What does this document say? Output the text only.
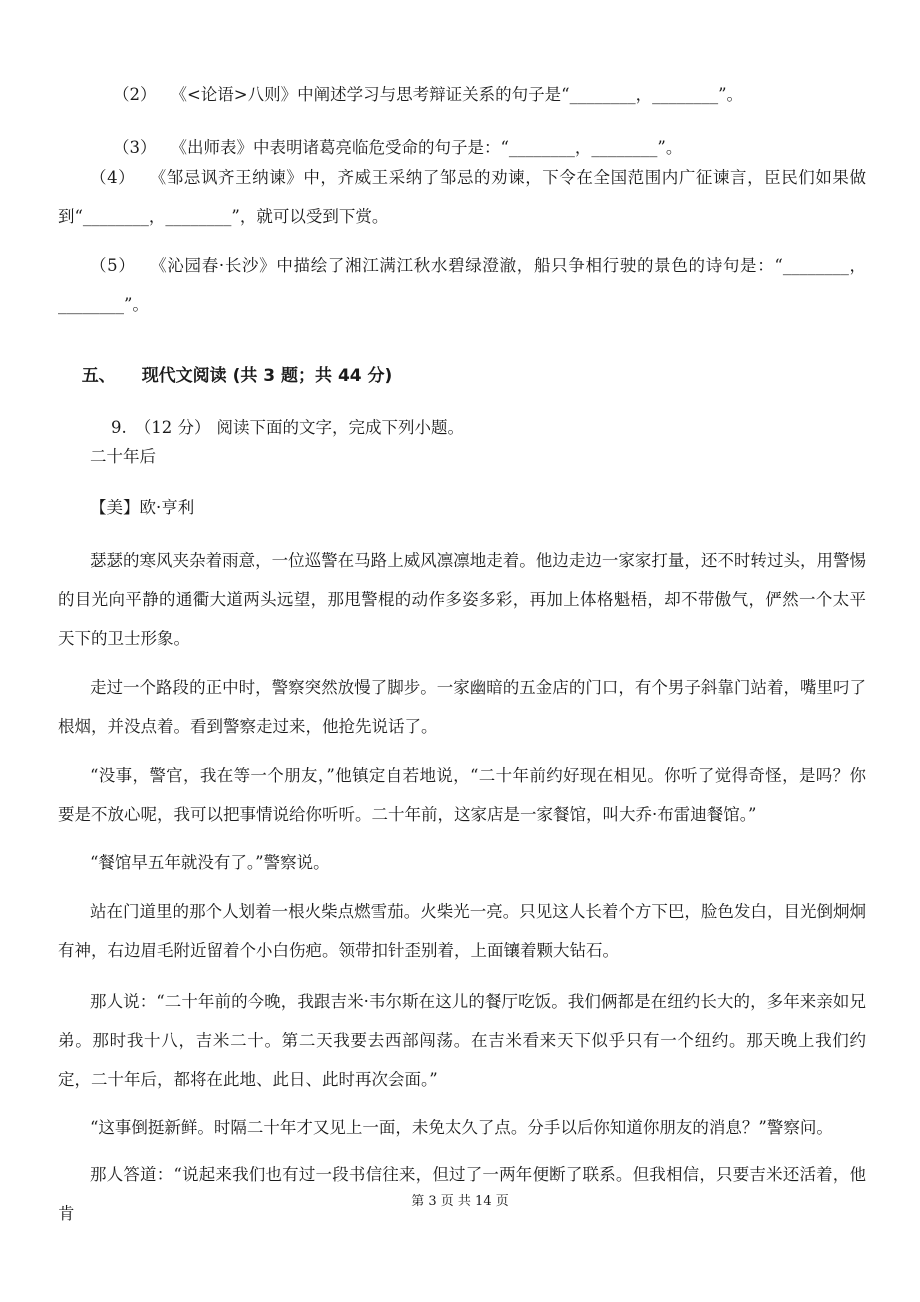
（2） 《<论语>八则》中阐述学习与思考辩证关系的句子是“________，________”。

（3） 《出师表》中表明诸葛亮临危受命的句子是：“________，________”。

（4） 《邹忌讽齐王纳谏》中，齐威王采纳了邹忌的劝谏，下令在全国范围内广征谏言，臣民们如果做到“________，________”，就可以受到下赏。
（5） 《沁园春·长沙》中描绘了湘江满江秋水碧绿澄澈，船只争相行驶的景色的诗句是：“________，________”。

五、 现代文阅读 (共 3 题；共 44 分)

9. （12 分） 阅读下面的文字，完成下列小题。

二十年后
【美】欧·亨利

瑟瑟的寒风夹杂着雨意，一位巡警在马路上威风凛凛地走着。他边走边一家家打量，还不时转过头，用警惕的目光向平静的通衢大道两头远望，那甩警棍的动作多姿多彩，再加上体格魁梧，却不带傲气，俨然一个太平天下的卫士形象。

走过一个路段的正中时，警察突然放慢了脚步。一家幽暗的五金店的门口，有个男子斜靠门站着，嘴里叼了根烟，并没点着。看到警察走过来，他抢先说话了。

“没事，警官，我在等一个朋友，”他镇定自若地说，“二十年前约好现在相见。你听了觉得奇怪，是吗？你要是不放心呢，我可以把事情说给你听听。二十年前，这家店是一家餐馆，叫大乔·布雷迪餐馆。”

“餐馆早五年就没有了。”警察说。

站在门道里的那个人划着一根火柴点燃雪茄。火柴光一亮。只见这人长着个方下巴，脸色发白，目光倒炯炯有神，右边眉毛附近留着个小白伤疤。领带扣针歪别着，上面镶着颗大钻石。

那人说：“二十年前的今晚，我跟吉米·韦尔斯在这儿的餐厅吃饭。我们俩都是在纽约长大的，多年来亲如兄弟。那时我十八，吉米二十。第二天我要去西部闯荡。在吉米看来天下似乎只有一个纽约。那天晚上我们约定，二十年后，都将在此地、此日、此时再次会面。”

“这事倒挺新鲜。时隔二十年才又见上一面，未免太久了点。分手以后你知道你朋友的消息？”警察问。

那人答道：“说起来我们也有过一段书信往来，但过了一两年便断了联系。但我相信，只要吉米还活着，他肯

第 3 页 共 14 页
